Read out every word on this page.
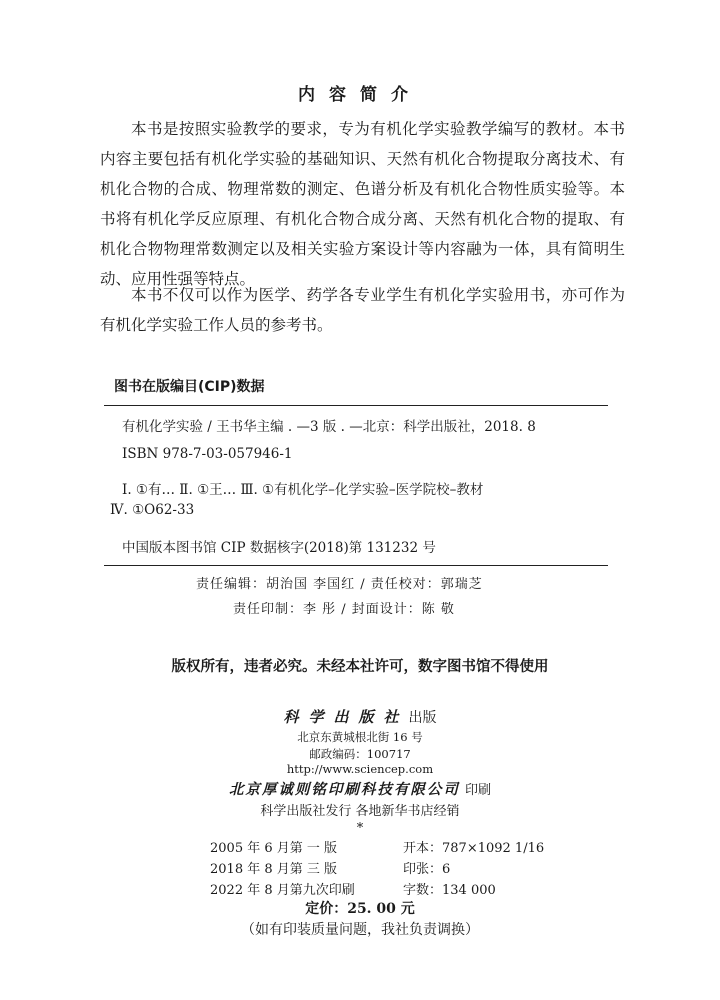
内容简介

本书是按照实验教学的要求，专为有机化学实验教学编写的教材。本书内容主要包括有机化学实验的基础知识、天然有机化合物提取分离技术、有机化合物的合成、物理常数的测定、色谱分析及有机化合物性质实验等。本书将有机化学反应原理、有机化合物合成分离、天然有机化合物的提取、有机化合物物理常数测定以及相关实验方案设计等内容融为一体，具有简明生动、应用性强等特点。

本书不仅可以作为医学、药学各专业学生有机化学实验用书，亦可作为有机化学实验工作人员的参考书。

图书在版编目(CIP)数据
有机化学实验 / 王书华主编 . —3 版 . —北京：科学出版社，2018. 8
ISBN 978-7-03-057946-1
Ⅰ. ①有… Ⅱ. ①王… Ⅲ. ①有机化学–化学实验–医学院校–教材
Ⅳ. ①O62-33
中国版本图书馆 CIP 数据核字(2018)第 131232 号
责任编辑：胡治国 李国红 / 责任校对：郭瑞芝
责任印制：李 彤 / 封面设计：陈 敬
版权所有，违者必究。未经本社许可，数字图书馆不得使用
科学出版社出版
北京东黄城根北街 16 号
邮政编码：100717
http://www.sciencep.com
北京厚诚则铭印刷科技有限公司 印刷
科学出版社发行 各地新华书店经销
*
2005 年 6 月第 一 版	开本：787×1092 1/16
2018 年 8 月第 三 版	印张：6
2022 年 8 月第九次印刷	字数：134 000
定价：25. 00 元
（如有印装质量问题，我社负责调换）
